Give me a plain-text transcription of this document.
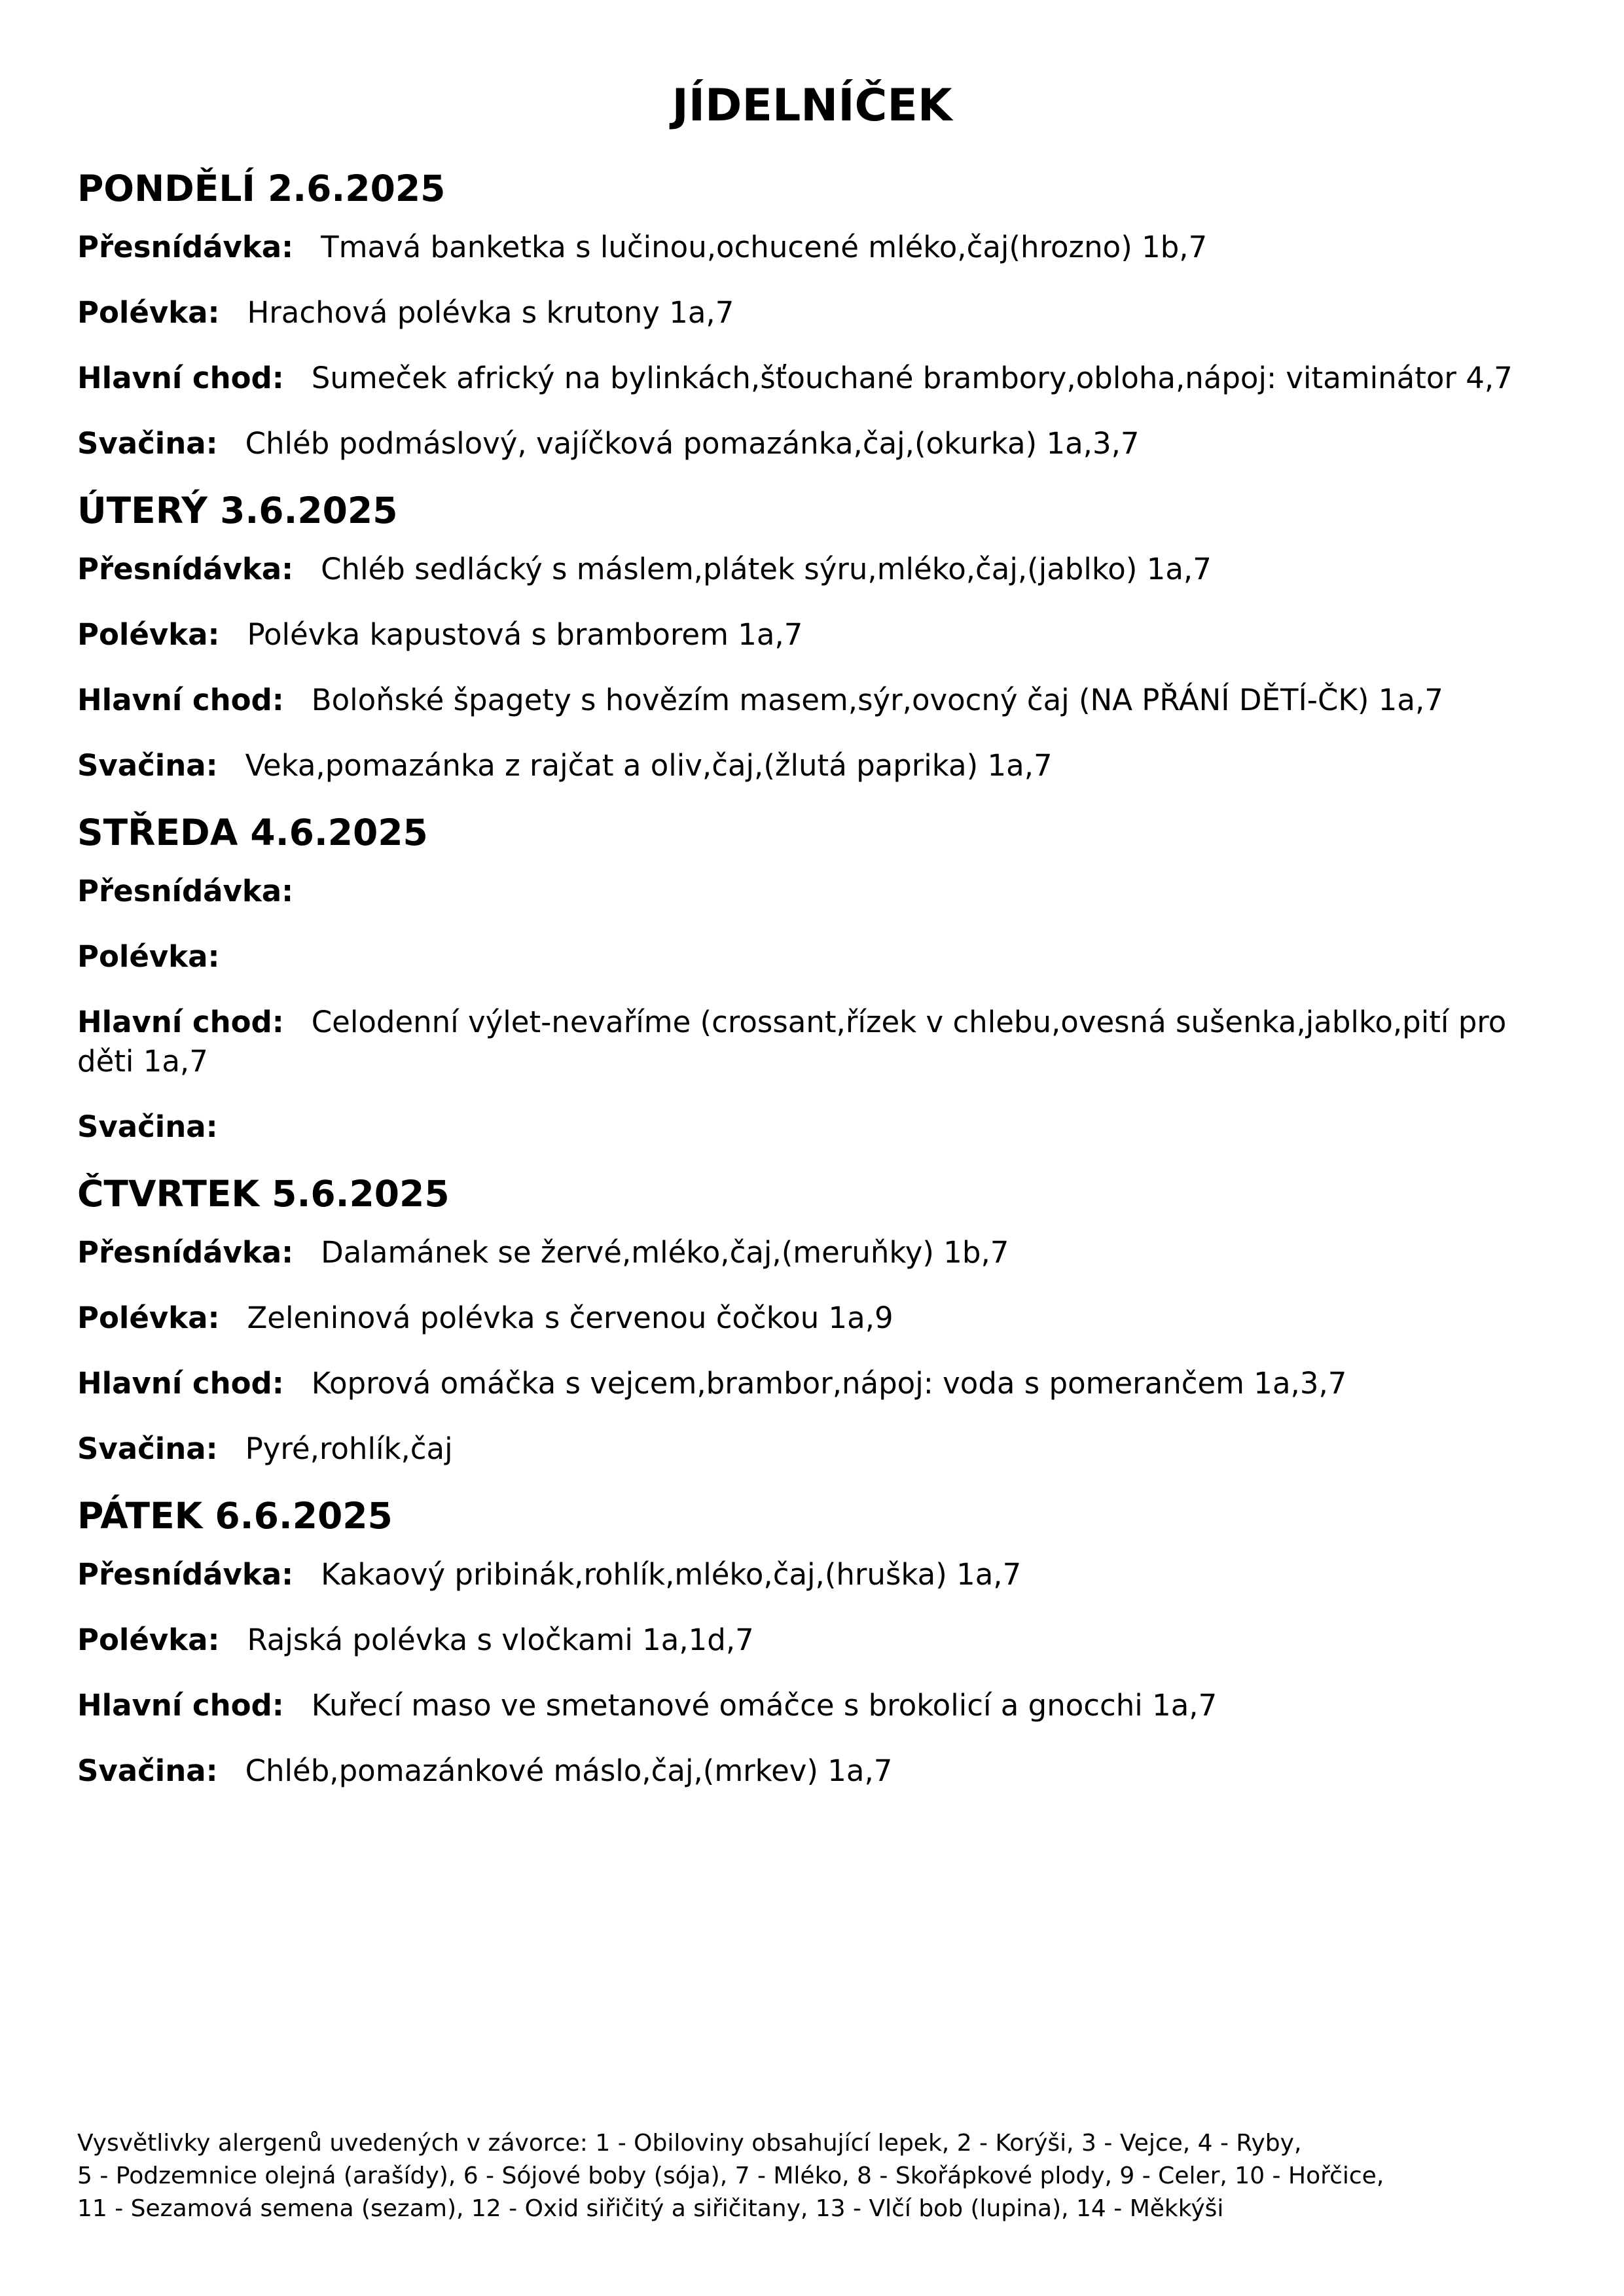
JÍDELNÍČEK
PONDĚLÍ 2.6.2025
Přesnídávka: Tmavá banketka s lučinou,ochucené mléko,čaj(hrozno) 1b,7
Polévka: Hrachová polévka s krutony 1a,7
Hlavní chod: Sumeček africký na bylinkách,šťouchané brambory,obloha,nápoj: vitaminátor 4,7
Svačina: Chléb podmáslový, vajíčková pomazánka,čaj,(okurka) 1a,3,7
ÚTERÝ 3.6.2025
Přesnídávka: Chléb sedlácký s máslem,plátek sýru,mléko,čaj,(jablko) 1a,7
Polévka: Polévka kapustová s bramborem 1a,7
Hlavní chod: Boloňské špagety s hovězím masem,sýr,ovocný čaj (NA PŘÁNÍ DĚTÍ-ČK) 1a,7
Svačina: Veka,pomazánka z rajčat a oliv,čaj,(žlutá paprika) 1a,7
STŘEDA 4.6.2025
Přesnídávka:
Polévka:
Hlavní chod: Celodenní výlet-nevaříme (crossant,řízek v chlebu,ovesná sušenka,jablko,pití pro děti 1a,7
Svačina:
ČTVRTEK 5.6.2025
Přesnídávka: Dalamánek se žervé,mléko,čaj,(meruňky) 1b,7
Polévka: Zeleninová polévka s červenou čočkou 1a,9
Hlavní chod: Koprová omáčka s vejcem,brambor,nápoj: voda s pomerančem 1a,3,7
Svačina: Pyré,rohlík,čaj
PÁTEK 6.6.2025
Přesnídávka: Kakaový pribinák,rohlík,mléko,čaj,(hruška) 1a,7
Polévka: Rajská polévka s vločkami 1a,1d,7
Hlavní chod: Kuřecí maso ve smetanové omáčce s brokolicí a gnocchi 1a,7
Svačina: Chléb,pomazánkové máslo,čaj,(mrkev) 1a,7
Vysvětlivky alergenů uvedených v závorce: 1 - Obiloviny obsahující lepek, 2 - Korýši, 3 - Vejce, 4 - Ryby,
5 - Podzemnice olejná (arašídy), 6 - Sójové boby (sója), 7 - Mléko, 8 - Skořápkové plody, 9 - Celer, 10 - Hořčice,
11 - Sezamová semena (sezam), 12 - Oxid siřičitý a siřičitany, 13 - Vlčí bob (lupina), 14 - Měkkýši
